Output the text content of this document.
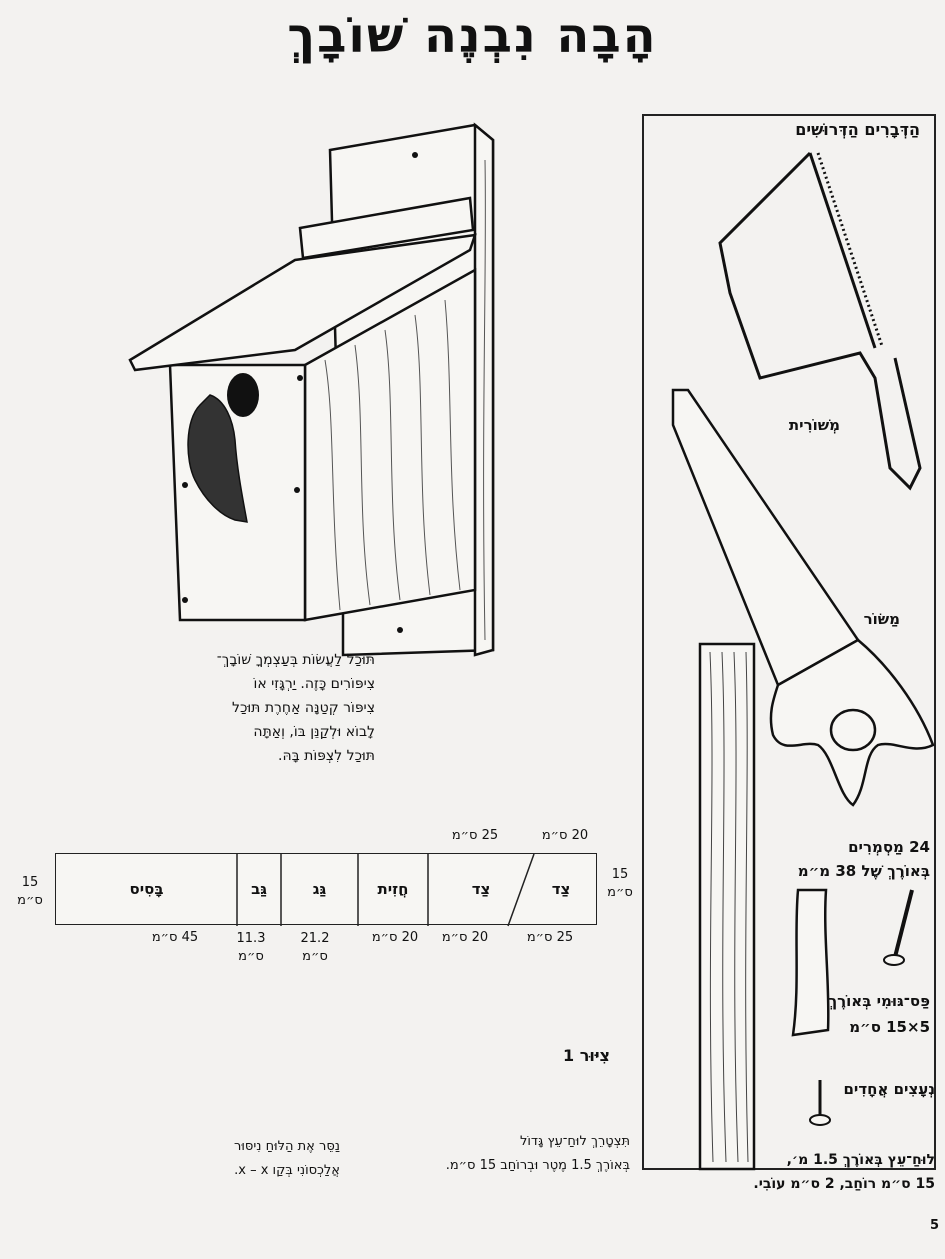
הָבָה נִבְנֶה שׁוֹבָךְ
תּוּכַל לַעֲשׂוֹת בְּעַצְמְךָ שׁוֹבָךְ־
צִיפּוֹרִים כָּזֶה. יַרְגָּזִי אוֹ
צִיפּוֹר קְטַנָּה אַחֶרֶת תּוּכַל
לָבוֹא וּלְקַנֵּן בּוֹ, וְאַתָּה
תּוּכַל לִצְפּוֹת בָּהּ.
הַדְּבָרִים הַדְּרוּשִׁים
מְשׁוֹרִית
מַשּׂוֹר
24 מַסְמְרִים
בְּאוֹרֶךְ שֶׁל 38 מ״מ
פַּס־גּוּמִי בְּאוֹרֶךְ
5×15 ס״מ
נְעָצִים אֲחָדִים
לוּחַ־עֵץ בְּאוֹרֶךְ 1.5 מ׳,
15 ס״מ רוֹחַב, 2 ס״מ עוֹבִי.
20 ס״מ
25 ס״מ
15
ס״מ
15
ס״מ
צַד
צַד
חֲזִית
גַּג
גַּב
בָּסִיס
25 ס״מ
20 ס״מ
20 ס״מ
21.2 ס״מ
11.3 ס״מ
45 ס״מ
צִיּוּר 1
תִּצְטָרֵךְ לוּחַ־עֵץ גָּדוֹל
בְּאוֹרֶךְ 1.5 מֶטֶר וּבְרוֹחַב 15 ס״מ.
נַסֵּר אֶת הַלּוּחַ נִיסּוּר
אֲלַכְסוֹנִי בְּקַו x – x.
5
